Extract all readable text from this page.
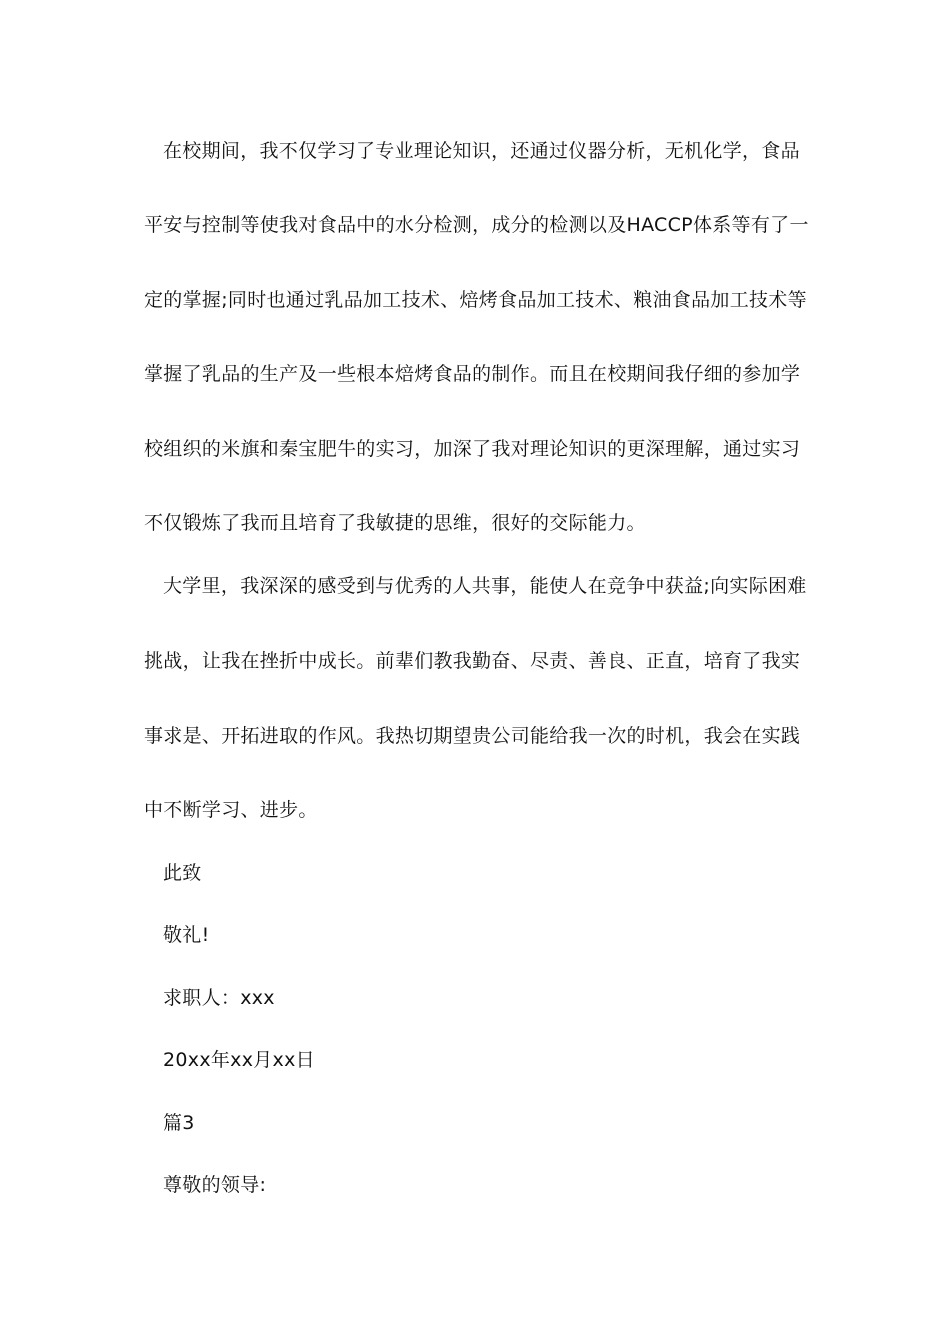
在校期间，我不仅学习了专业理论知识，还通过仪器分析，无机化学，食品
平安与控制等使我对食品中的水分检测，成分的检测以及HACCP体系等有了一
定的掌握;同时也通过乳品加工技术、焙烤食品加工技术、粮油食品加工技术等
掌握了乳品的生产及一些根本焙烤食品的制作。而且在校期间我仔细的参加学
校组织的米旗和秦宝肥牛的实习，加深了我对理论知识的更深理解，通过实习
不仅锻炼了我而且培育了我敏捷的思维，很好的交际能力。
大学里，我深深的感受到与优秀的人共事，能使人在竞争中获益;向实际困难
挑战，让我在挫折中成长。前辈们教我勤奋、尽责、善良、正直，培育了我实
事求是、开拓进取的作风。我热切期望贵公司能给我一次的时机，我会在实践
中不断学习、进步。
此致
敬礼!
求职人：xxx
20xx年xx月xx日
篇3
尊敬的领导:
